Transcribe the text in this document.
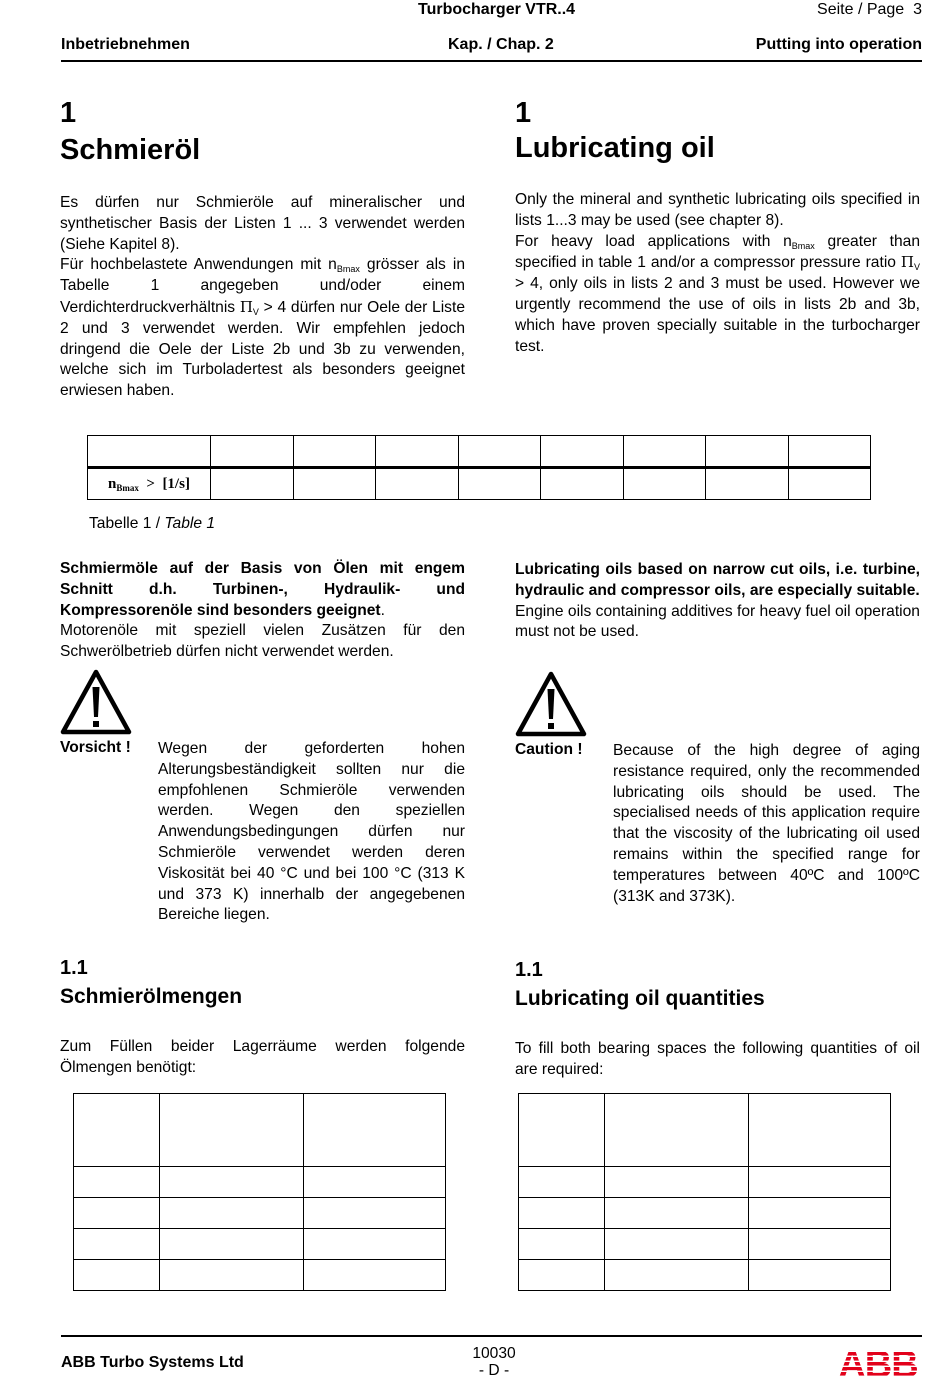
Turbocharger VTR..4	Seite / Page  3
Inbetriebnehmen	Kap. / Chap. 2	Putting into operation
1
Schmieröl

Es dürfen nur Schmieröle auf mineralischer und synthetischer Basis der Listen 1 ... 3 verwendet werden (Siehe Kapitel 8).

Für hochbelastete Anwendungen mit $n_{Bmax}$ grösser als in Tabelle 1 angegeben und/oder einem Verdichterdruckverhältnis $\Pi_V > 4$ dürfen nur Oele der Liste 2 und 3 verwendet werden. Wir empfehlen jedoch dringend die Oele der Liste 2b und 3b zu verwenden, welche sich im Turboladertest als besonders geeignet erwiesen haben.

1
Lubricating oil

Only the mineral and synthetic lubricating oils specified in lists 1...3 may be used (see chapter 8).

For heavy load applications with $n_{Bmax}$ greater than specified in table 1 and/or a compressor pressure ratio $\Pi_V > 4$, only oils in lists 2 and 3 must be used. However we urgently recommend the use of oils in lists 2b and 3b, which have proven specially suitable in the turbocharger test.

$n_{Bmax} > [1/s]$								
Tabelle 1 / Table 1

Schmiermöle auf der Basis von Ölen mit engem Schnitt d.h. Turbinen-, Hydraulik- und Kompressorenöle sind besonders geeignet.

Motorenöle mit speziell vielen Zusätzen für den Schwerölbetrieb dürfen nicht verwendet werden.

Lubricating oils based on narrow cut oils, i.e. turbine, hydraulic and compressor oils, are especially suitable.

Engine oils containing additives for heavy fuel oil operation must not be used.

Vorsicht ! Wegen der geforderten hohen Alterungsbeständigkeit sollten nur die empfohlenen Schmieröle verwenden werden. Wegen den speziellen Anwendungsbedingungen dürfen nur Schmieröle verwendet werden deren Viskosität bei 40 °C und bei 100 °C (313 K und 373 K) innerhalb der angegebenen Bereiche liegen.
Caution ! Because of the high degree of aging resistance required, only the recommended lubricating oils should be used. The specialised needs of this application require that the viscosity of the lubricating oil used remains within the specified range for temperatures between 40ºC and 100ºC (313K and 373K).
1.1
Schmierölmengen
Zum Füllen beider Lagerräume werden folgende Ölmengen benötigt:
1.1
Lubricating oil quantities
To fill both bearing spaces the following quantities of oil are required:

ABB Turbo Systems Ltd
10030
- D -	ABB
